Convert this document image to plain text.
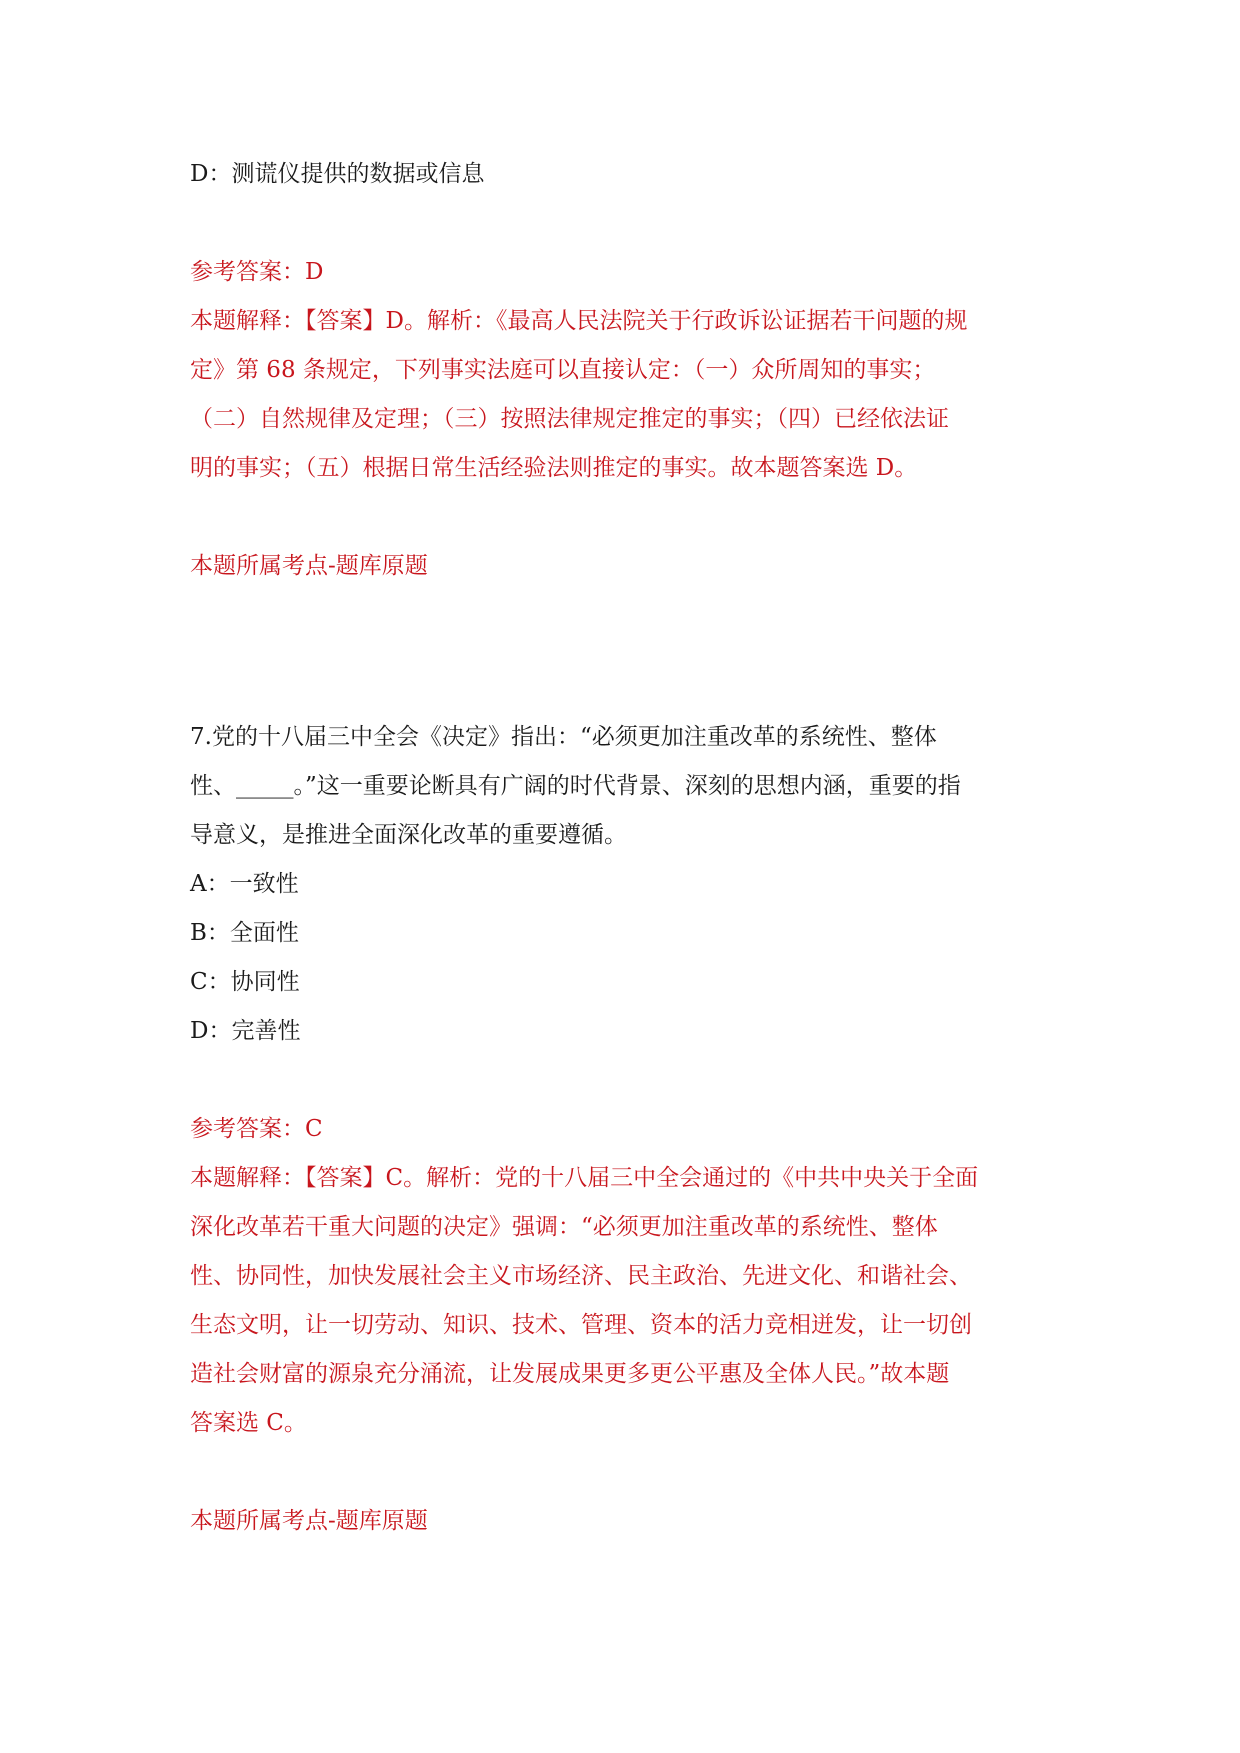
D：测谎仪提供的数据或信息

参考答案：D

本题解释：【答案】D。解析：《最高人民法院关于行政诉讼证据若干问题的规

定》第 68 条规定，下列事实法庭可以直接认定：（一）众所周知的事实；

（二）自然规律及定理；（三）按照法律规定推定的事实；（四）已经依法证

明的事实；（五）根据日常生活经验法则推定的事实。故本题答案选 D。

本题所属考点-题库原题

7.党的十八届三中全会《决定》指出：“必须更加注重改革的系统性、整体

性、_____。”这一重要论断具有广阔的时代背景、深刻的思想内涵，重要的指

导意义，是推进全面深化改革的重要遵循。

A：一致性

B：全面性

C：协同性

D：完善性

参考答案：C

本题解释：【答案】C。解析：党的十八届三中全会通过的《中共中央关于全面

深化改革若干重大问题的决定》强调：“必须更加注重改革的系统性、整体

性、协同性，加快发展社会主义市场经济、民主政治、先进文化、和谐社会、

生态文明，让一切劳动、知识、技术、管理、资本的活力竞相迸发，让一切创

造社会财富的源泉充分涌流，让发展成果更多更公平惠及全体人民。”故本题

答案选 C。

本题所属考点-题库原题
